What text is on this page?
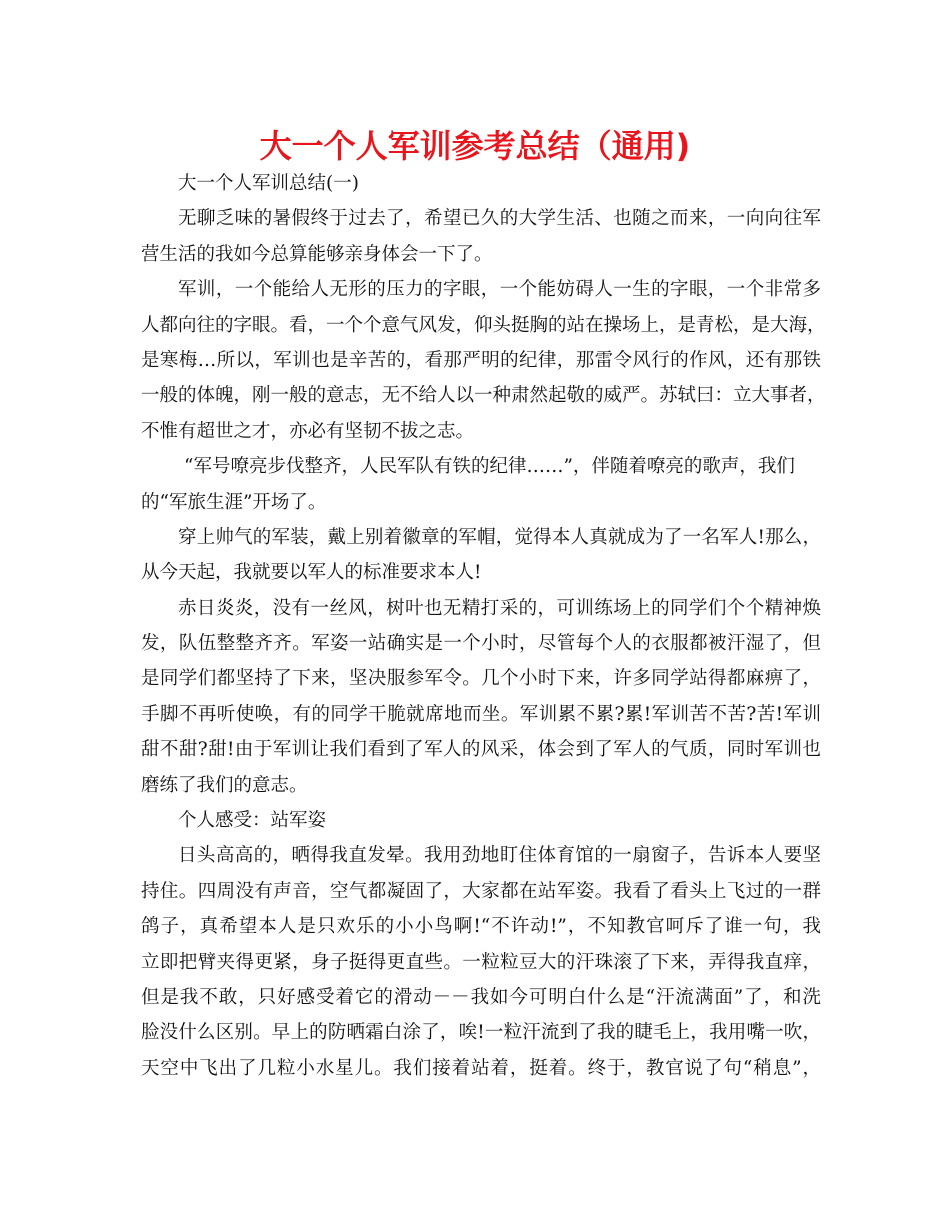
大一个人军训参考总结（通用)
大一个人军训总结(一)
无聊乏味的暑假终于过去了，希望已久的大学生活、也随之而来，一向向往军
营生活的我如今总算能够亲身体会一下了。
军训，一个能给人无形的压力的字眼，一个能妨碍人一生的字眼，一个非常多
人都向往的字眼。看，一个个意气风发，仰头挺胸的站在操场上，是青松，是大海，
是寒梅…所以，军训也是辛苦的，看那严明的纪律，那雷令风行的作风，还有那铁
一般的体魄，刚一般的意志，无不给人以一种肃然起敬的威严。苏轼曰：立大事者，
不惟有超世之才，亦必有坚韧不拔之志。
“军号嘹亮步伐整齐，人民军队有铁的纪律……”，伴随着嘹亮的歌声，我们
的“军旅生涯”开场了。
穿上帅气的军装，戴上别着徽章的军帽，觉得本人真就成为了一名军人!那么，
从今天起，我就要以军人的标准要求本人!
赤日炎炎，没有一丝风，树叶也无精打采的，可训练场上的同学们个个精神焕
发，队伍整整齐齐。军姿一站确实是一个小时，尽管每个人的衣服都被汗湿了，但
是同学们都坚持了下来，坚决服参军令。几个小时下来，许多同学站得都麻痹了，
手脚不再听使唤，有的同学干脆就席地而坐。军训累不累?累!军训苦不苦?苦!军训
甜不甜?甜!由于军训让我们看到了军人的风采，体会到了军人的气质，同时军训也
磨练了我们的意志。
个人感受：站军姿
日头高高的，晒得我直发晕。我用劲地盯住体育馆的一扇窗子，告诉本人要坚
持住。四周没有声音，空气都凝固了，大家都在站军姿。我看了看头上飞过的一群
鸽子，真希望本人是只欢乐的小小鸟啊!“不许动!”，不知教官呵斥了谁一句，我
立即把臂夹得更紧，身子挺得更直些。一粒粒豆大的汗珠滚了下来，弄得我直痒，
但是我不敢，只好感受着它的滑动－－我如今可明白什么是“汗流满面”了，和洗
脸没什么区别。早上的防晒霜白涂了，唉!一粒汗流到了我的睫毛上，我用嘴一吹，
天空中飞出了几粒小水星儿。我们接着站着，挺着。终于，教官说了句“稍息”，
